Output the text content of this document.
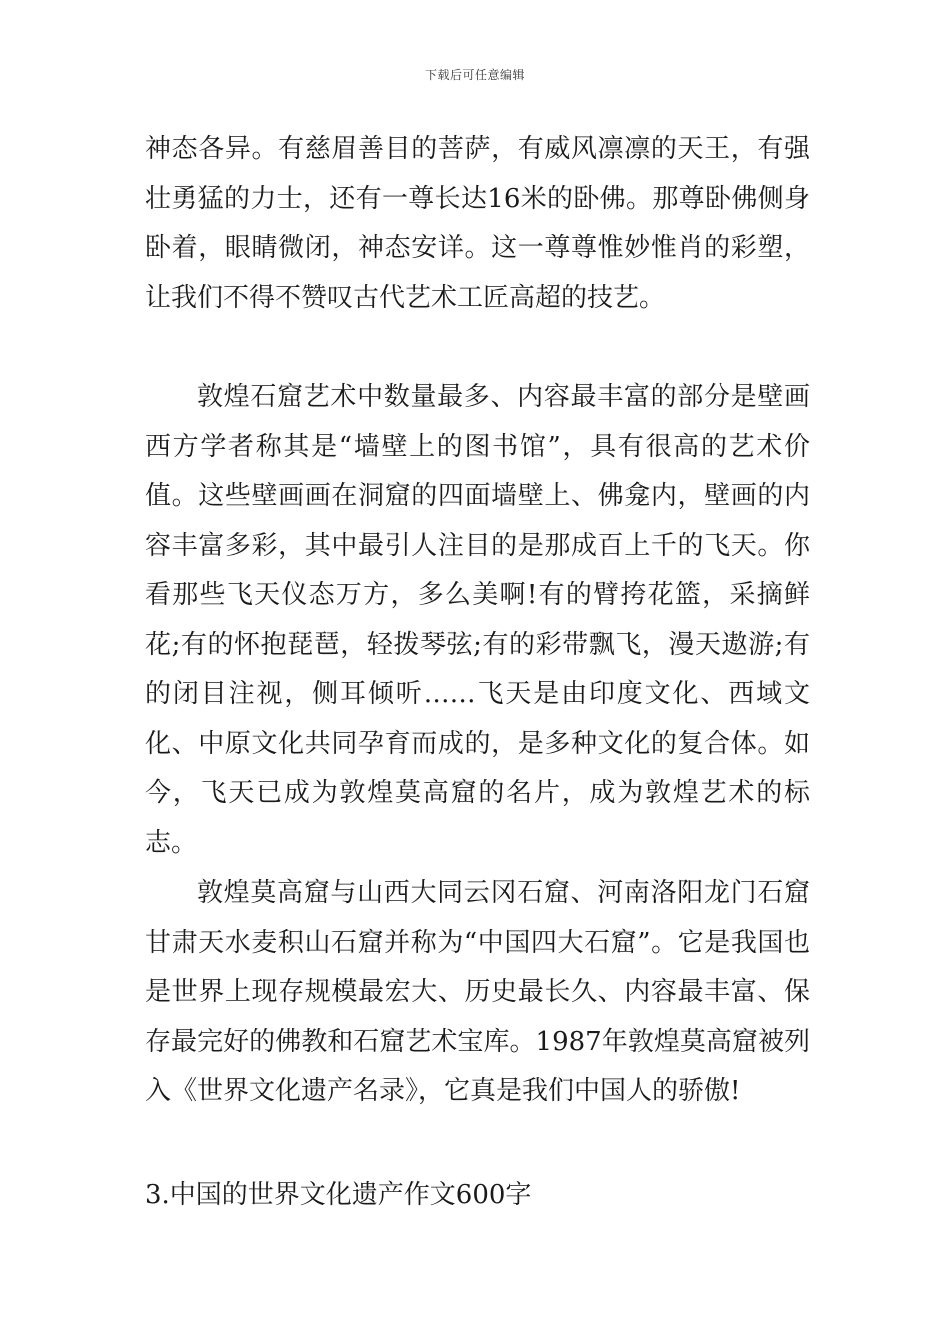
下载后可任意编辑

神态各异。有慈眉善目的菩萨，有威风凛凛的天王，有强壮勇猛的力士，还有一尊长达16米的卧佛。那尊卧佛侧身卧着，眼睛微闭，神态安详。这一尊尊惟妙惟肖的彩塑，让我们不得不赞叹古代艺术工匠高超的技艺。

敦煌石窟艺术中数量最多、内容最丰富的部分是壁画西方学者称其是“墙壁上的图书馆”，具有很高的艺术价值。这些壁画画在洞窟的四面墙壁上、佛龛内，壁画的内容丰富多彩，其中最引人注目的是那成百上千的飞天。你看那些飞天仪态万方，多么美啊!有的臂挎花篮，采摘鲜花;有的怀抱琵琶，轻拨琴弦;有的彩带飘飞，漫天遨游;有的闭目注视，侧耳倾听……飞天是由印度文化、西域文化、中原文化共同孕育而成的，是多种文化的复合体。如今，飞天已成为敦煌莫高窟的名片，成为敦煌艺术的标志。

敦煌莫高窟与山西大同云冈石窟、河南洛阳龙门石窟甘肃天水麦积山石窟并称为“中国四大石窟”。它是我国也是世界上现存规模最宏大、历史最长久、内容最丰富、保存最完好的佛教和石窟艺术宝库。1987年敦煌莫高窟被列入《世界文化遗产名录》，它真是我们中国人的骄傲!

3.中国的世界文化遗产作文600字
